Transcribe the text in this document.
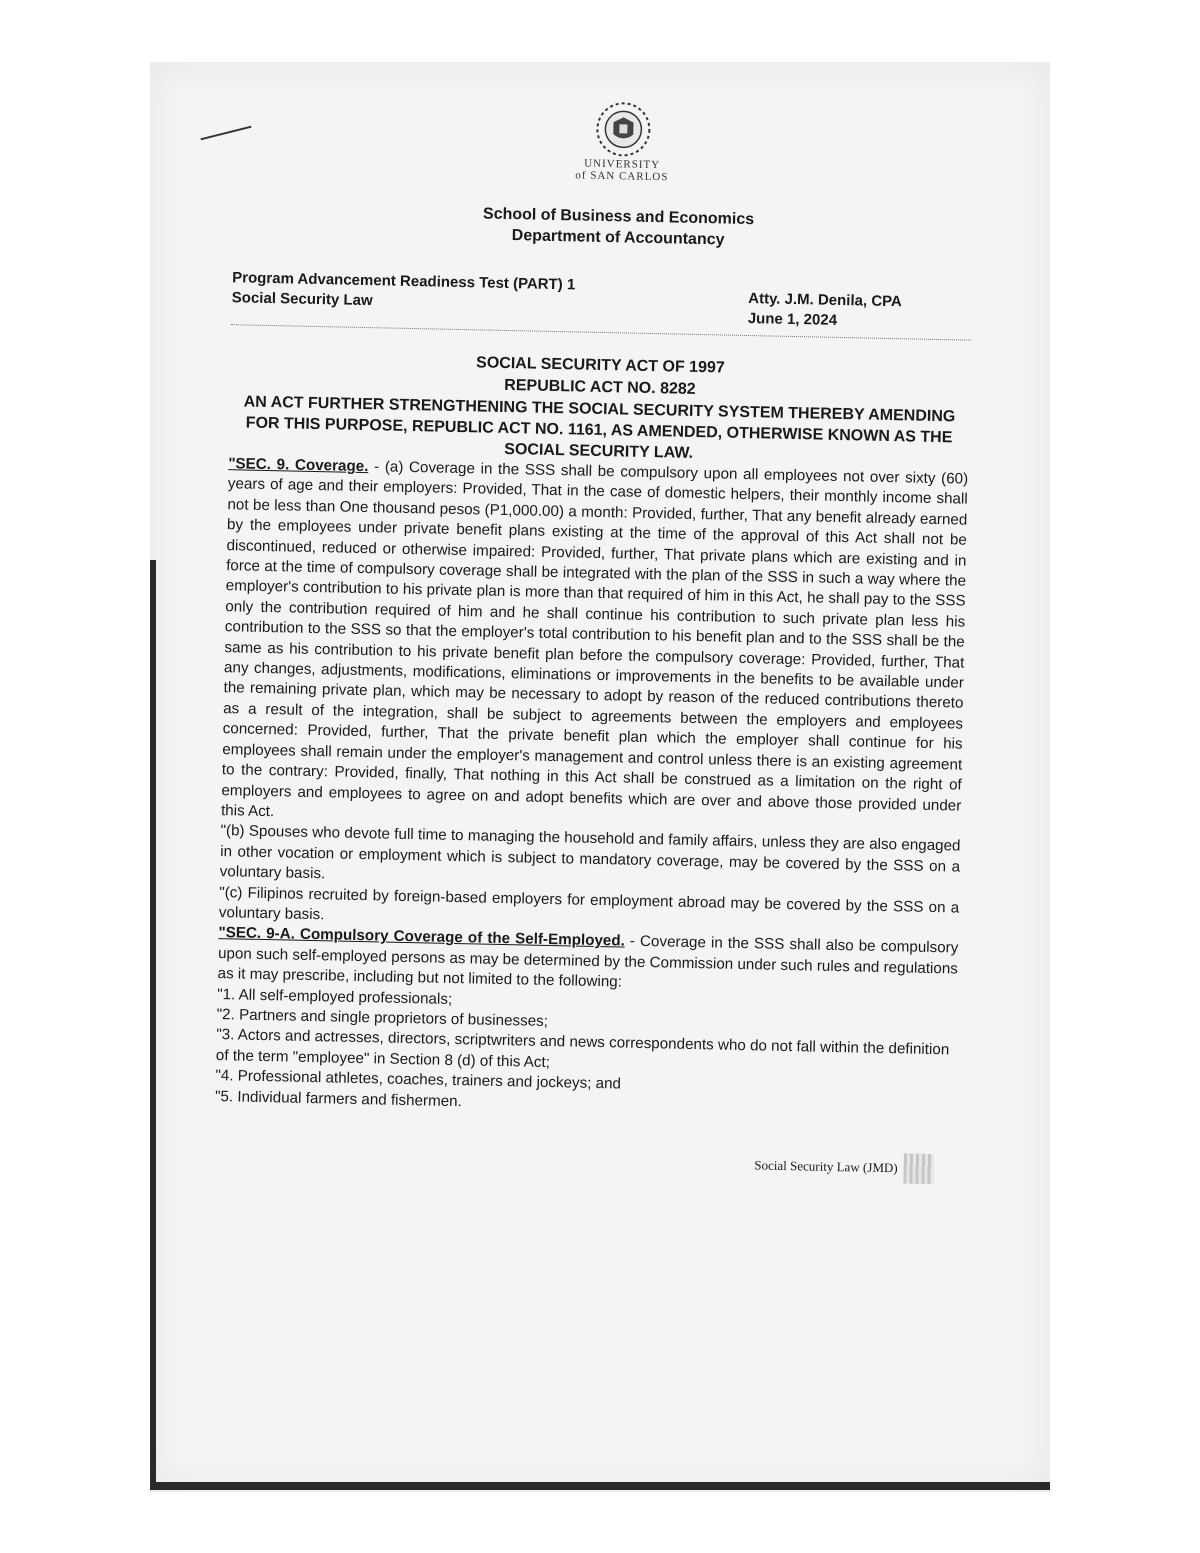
UNIVERSITY
of SAN CARLOS
School of Business and Economics
Department of Accountancy
Program Advancement Readiness Test (PART) 1
Social Security Law	Atty. J.M. Denila, CPA
June 1, 2024
SOCIAL SECURITY ACT OF 1997
REPUBLIC ACT NO. 8282
AN ACT FURTHER STRENGTHENING THE SOCIAL SECURITY SYSTEM THEREBY AMENDING FOR THIS PURPOSE, REPUBLIC ACT NO. 1161, AS AMENDED, OTHERWISE KNOWN AS THE SOCIAL SECURITY LAW.

"SEC. 9. Coverage. - (a) Coverage in the SSS shall be compulsory upon all employees not over sixty (60) years of age and their employers: Provided, That in the case of domestic helpers, their monthly income shall not be less than One thousand pesos (P1,000.00) a month: Provided, further, That any benefit already earned by the employees under private benefit plans existing at the time of the approval of this Act shall not be discontinued, reduced or otherwise impaired: Provided, further, That private plans which are existing and in force at the time of compulsory coverage shall be integrated with the plan of the SSS in such a way where the employer's contribution to his private plan is more than that required of him in this Act, he shall pay to the SSS only the contribution required of him and he shall continue his contribution to such private plan less his contribution to the SSS so that the employer's total contribution to his benefit plan and to the SSS shall be the same as his contribution to his private benefit plan before the compulsory coverage: Provided, further, That any changes, adjustments, modifications, eliminations or improvements in the benefits to be available under the remaining private plan, which may be necessary to adopt by reason of the reduced contributions thereto as a result of the integration, shall be subject to agreements between the employers and employees concerned: Provided, further, That the private benefit plan which the employer shall continue for his employees shall remain under the employer's management and control unless there is an existing agreement to the contrary: Provided, finally, That nothing in this Act shall be construed as a limitation on the right of employers and employees to agree on and adopt benefits which are over and above those provided under this Act.

"(b) Spouses who devote full time to managing the household and family affairs, unless they are also engaged in other vocation or employment which is subject to mandatory coverage, may be covered by the SSS on a voluntary basis.

"(c) Filipinos recruited by foreign-based employers for employment abroad may be covered by the SSS on a voluntary basis.

"SEC. 9-A. Compulsory Coverage of the Self-Employed. - Coverage in the SSS shall also be compulsory upon such self-employed persons as may be determined by the Commission under such rules and regulations as it may prescribe, including but not limited to the following:

"1. All self-employed professionals;

"2. Partners and single proprietors of businesses;

"3. Actors and actresses, directors, scriptwriters and news correspondents who do not fall within the definition of the term "employee" in Section 8 (d) of this Act;

"4. Professional athletes, coaches, trainers and jockeys; and

"5. Individual farmers and fishermen.

Social Security Law (JMD)
